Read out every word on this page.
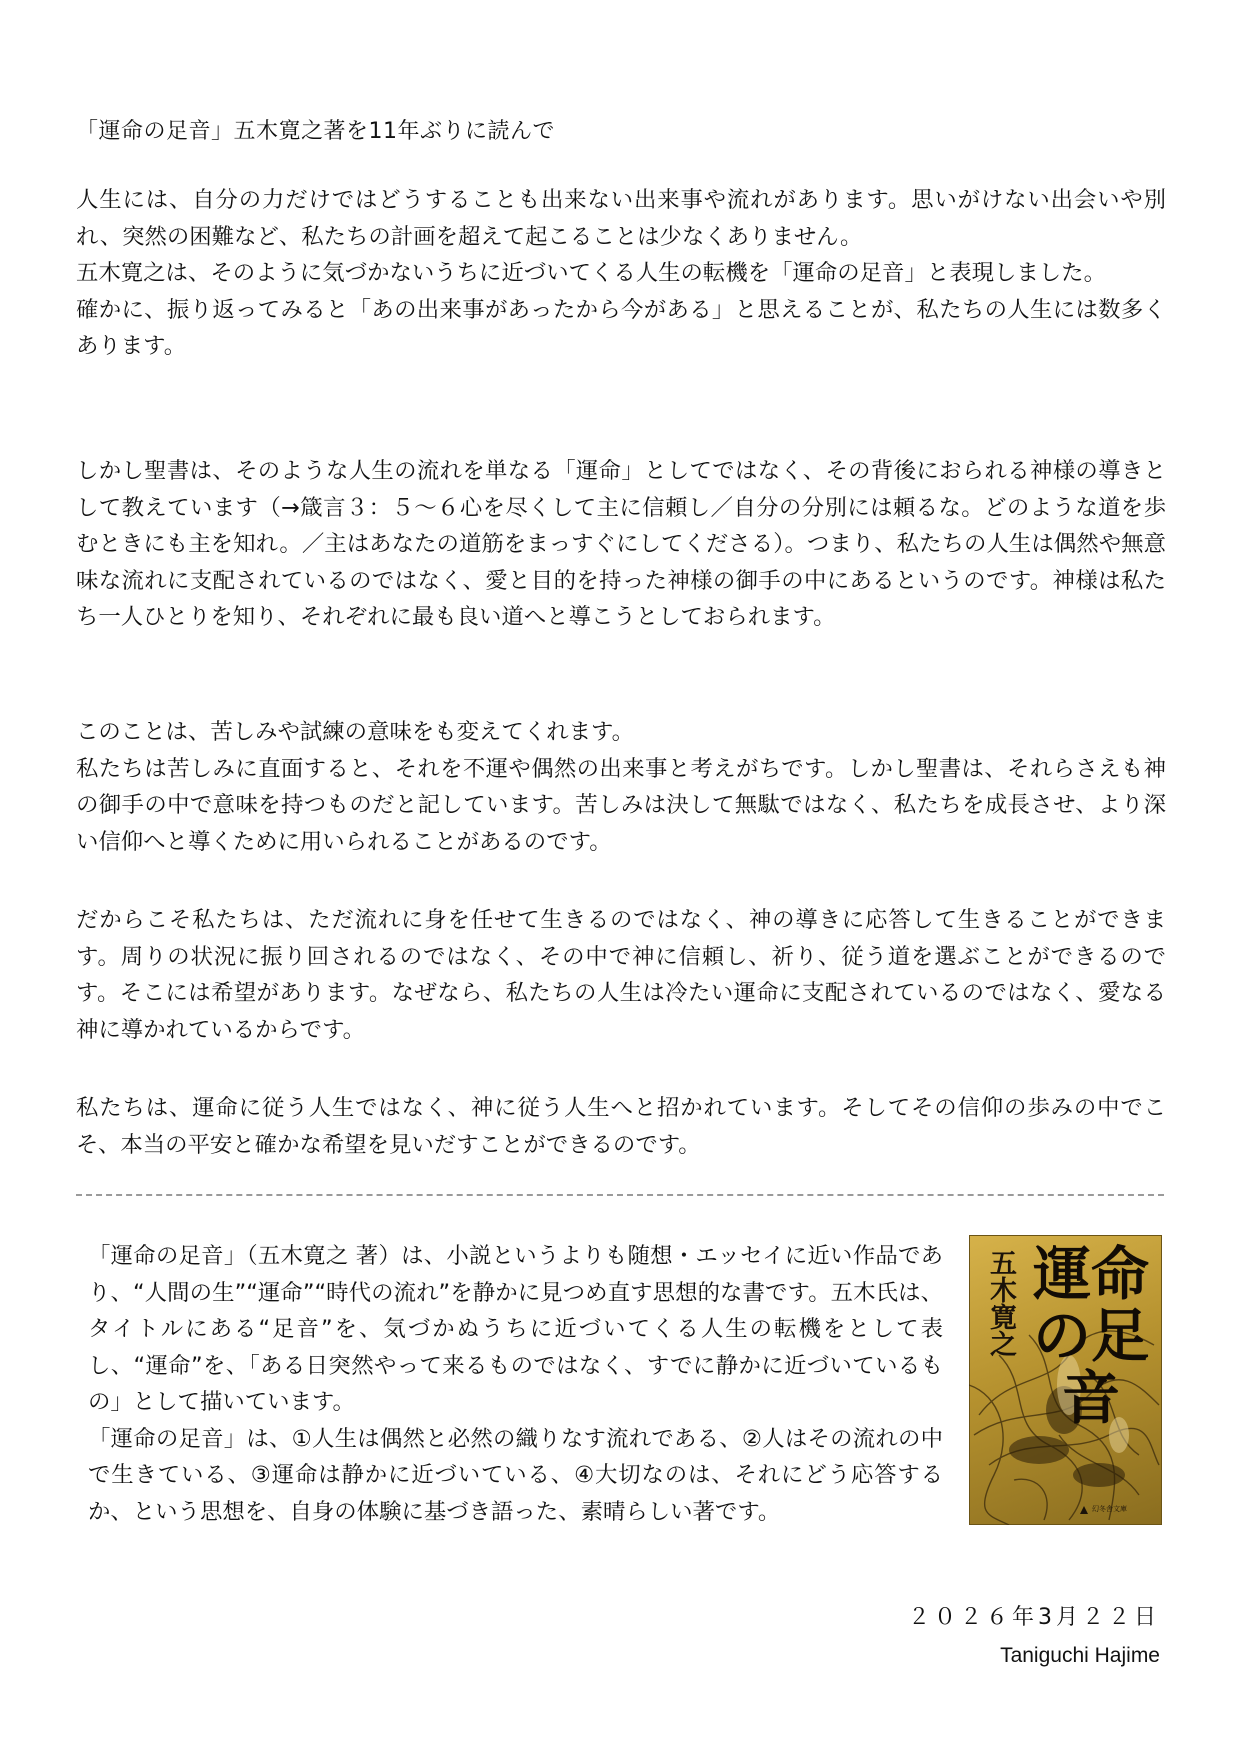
「運命の足音」五木寛之著を11年ぶりに読んで

人生には、自分の力だけではどうすることも出来ない出来事や流れがあります。思いがけない出会いや別れ、突然の困難など、私たちの計画を超えて起こることは少なくありません。

五木寛之は、そのように気づかないうちに近づいてくる人生の転機を「運命の足音」と表現しました。

確かに、振り返ってみると「あの出来事があったから今がある」と思えることが、私たちの人生には数多くあります。

しかし聖書は、そのような人生の流れを単なる「運命」としてではなく、その背後におられる神様の導きとして教えています（→箴言３：５～６心を尽くして主に信頼し／自分の分別には頼るな。どのような道を歩むときにも主を知れ。／主はあなたの道筋をまっすぐにしてくださる）。つまり、私たちの人生は偶然や無意味な流れに支配されているのではなく、愛と目的を持った神様の御手の中にあるというのです。神様は私たち一人ひとりを知り、それぞれに最も良い道へと導こうとしておられます。

このことは、苦しみや試練の意味をも変えてくれます。

私たちは苦しみに直面すると、それを不運や偶然の出来事と考えがちです。しかし聖書は、それらさえも神の御手の中で意味を持つものだと記しています。苦しみは決して無駄ではなく、私たちを成長させ、より深い信仰へと導くために用いられることがあるのです。

だからこそ私たちは、ただ流れに身を任せて生きるのではなく、神の導きに応答して生きることができます。周りの状況に振り回されるのではなく、その中で神に信頼し、祈り、従う道を選ぶことができるのです。そこには希望があります。なぜなら、私たちの人生は冷たい運命に支配されているのではなく、愛なる神に導かれているからです。

私たちは、運命に従う人生ではなく、神に従う人生へと招かれています。そしてその信仰の歩みの中でこそ、本当の平安と確かな希望を見いだすことができるのです。

「運命の足音」（五木寛之 著）は、小説というよりも随想・エッセイに近い作品であり、“人間の生”“運命”“時代の流れ”を静かに見つめ直す思想的な書です。五木氏は、タイトルにある“足音”を、気づかぬうちに近づいてくる人生の転機をとして表し、“運命”を、「ある日突然やって来るものではなく、すでに静かに近づいているもの」として描いています。

「運命の足音」は、①人生は偶然と必然の織りなす流れである、②人はその流れの中で生きている、③運命は静かに近づいている、④大切なのは、それにどう応答するか、という思想を、自身の体験に基づき語った、素晴らしい著です。

五木寛之 運命の足音
幻冬舎文庫
２０２６年3月２２日
Taniguchi Hajime
